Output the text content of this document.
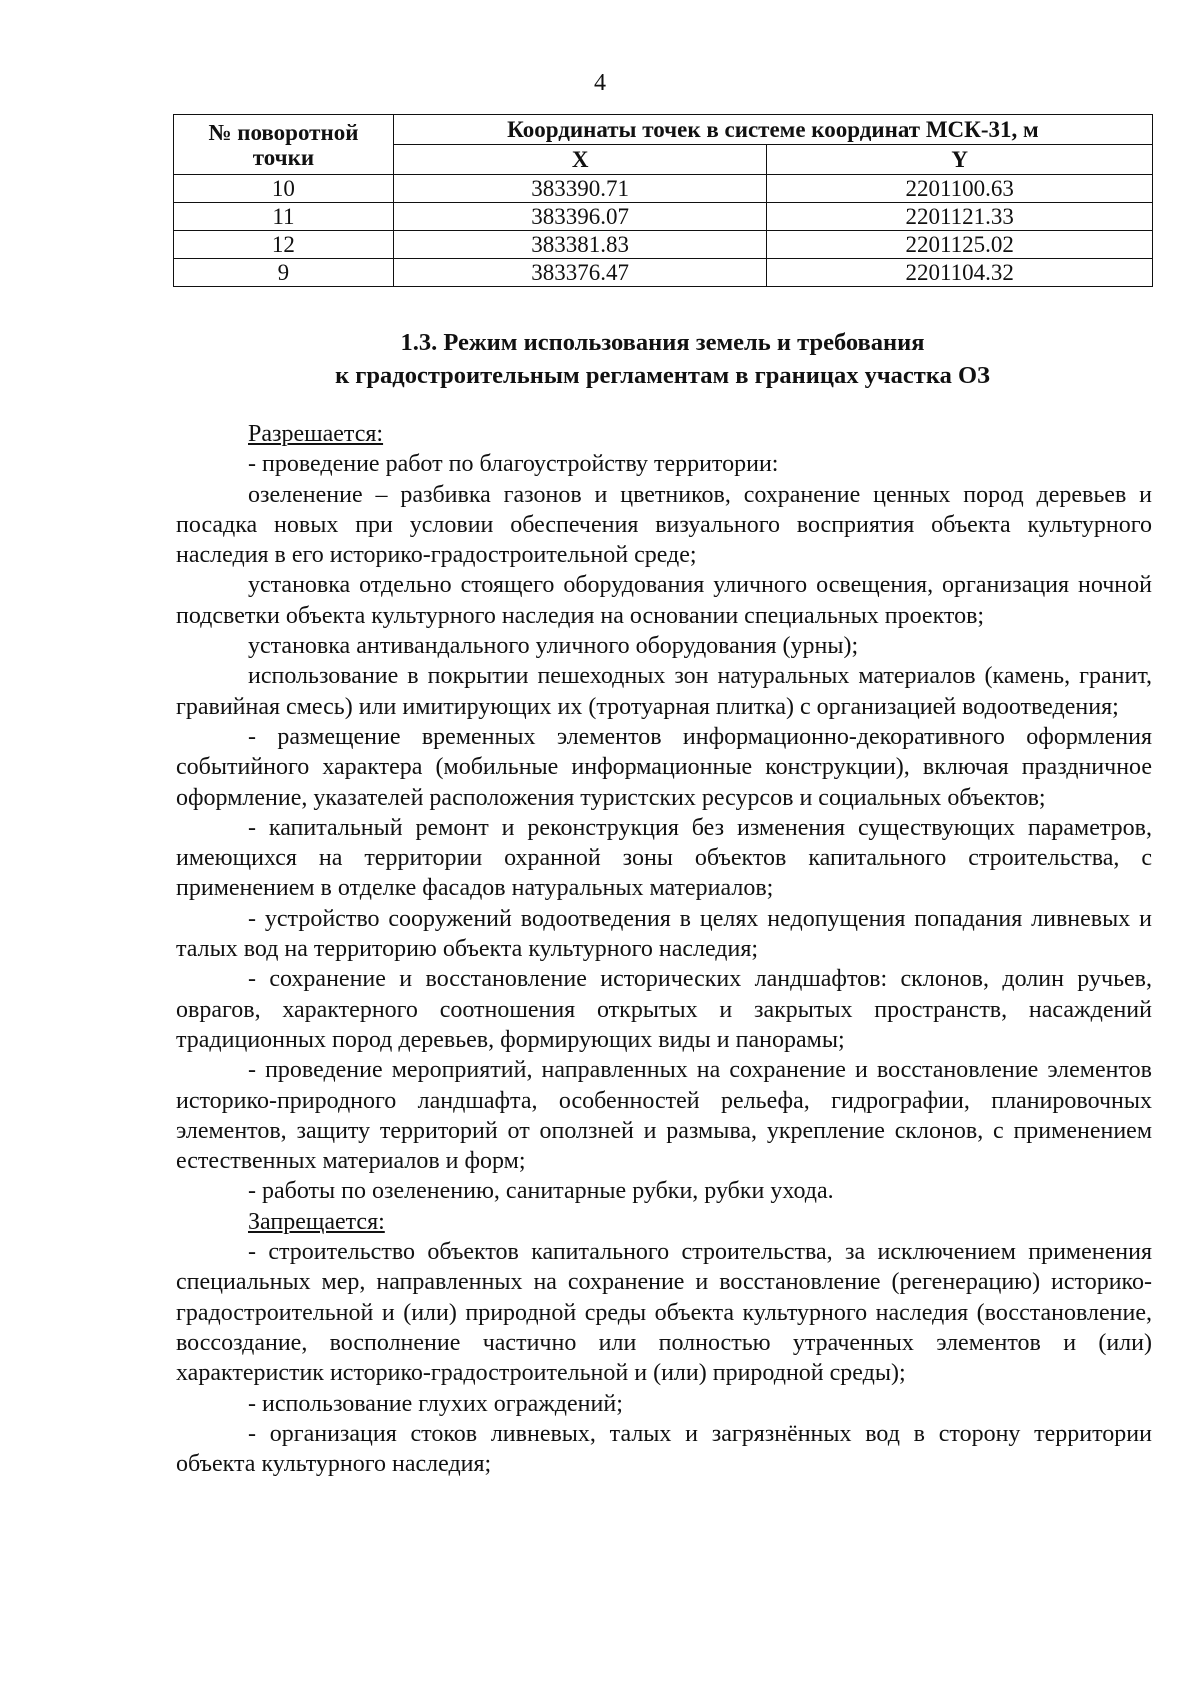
4
№ поворотной
точки	Координаты точек в системе координат МСК-31, м	
	X	Y
10	383390.71	2201100.63
11	383396.07	2201121.33
12	383381.83	2201125.02
9	383376.47	2201104.32
1.3. Режим использования земель и требования
к градостроительным регламентам в границах участка ОЗ

Разрешается:

- проведение работ по благоустройству территории:

озеленение – разбивка газонов и цветников, сохранение ценных пород деревьев и посадка новых при условии обеспечения визуального восприятия объекта культурного наследия в его историко-градостроительной среде;

установка отдельно стоящего оборудования уличного освещения, организация ночной подсветки объекта культурного наследия на основании специальных проектов;

установка антивандального уличного оборудования (урны);

использование в покрытии пешеходных зон натуральных материалов (камень, гранит, гравийная смесь) или имитирующих их (тротуарная плитка) с организацией водоотведения;

- размещение временных элементов информационно-декоративного оформления событийного характера (мобильные информационные конструкции), включая праздничное оформление, указателей расположения туристских ресурсов и социальных объектов;

- капитальный ремонт и реконструкция без изменения существующих параметров, имеющихся на территории охранной зоны объектов капитального строительства, с применением в отделке фасадов натуральных материалов;

- устройство сооружений водоотведения в целях недопущения попадания ливневых и талых вод на территорию объекта культурного наследия;

- сохранение и восстановление исторических ландшафтов: склонов, долин ручьев, оврагов, характерного соотношения открытых и закрытых пространств, насаждений традиционных пород деревьев, формирующих виды и панорамы;

- проведение мероприятий, направленных на сохранение и восстановление элементов историко-природного ландшафта, особенностей рельефа, гидрографии, планировочных элементов, защиту территорий от оползней и размыва, укрепление склонов, с применением естественных материалов и форм;

- работы по озеленению, санитарные рубки, рубки ухода.

Запрещается:

- строительство объектов капитального строительства, за исключением применения специальных мер, направленных на сохранение и восстановление (регенерацию) историко-градостроительной и (или) природной среды объекта культурного наследия (восстановление, воссоздание, восполнение частично или полностью утраченных элементов и (или) характеристик историко-градостроительной и (или) природной среды);

- использование глухих ограждений;

- организация стоков ливневых, талых и загрязнённых вод в сторону территории объекта культурного наследия;
